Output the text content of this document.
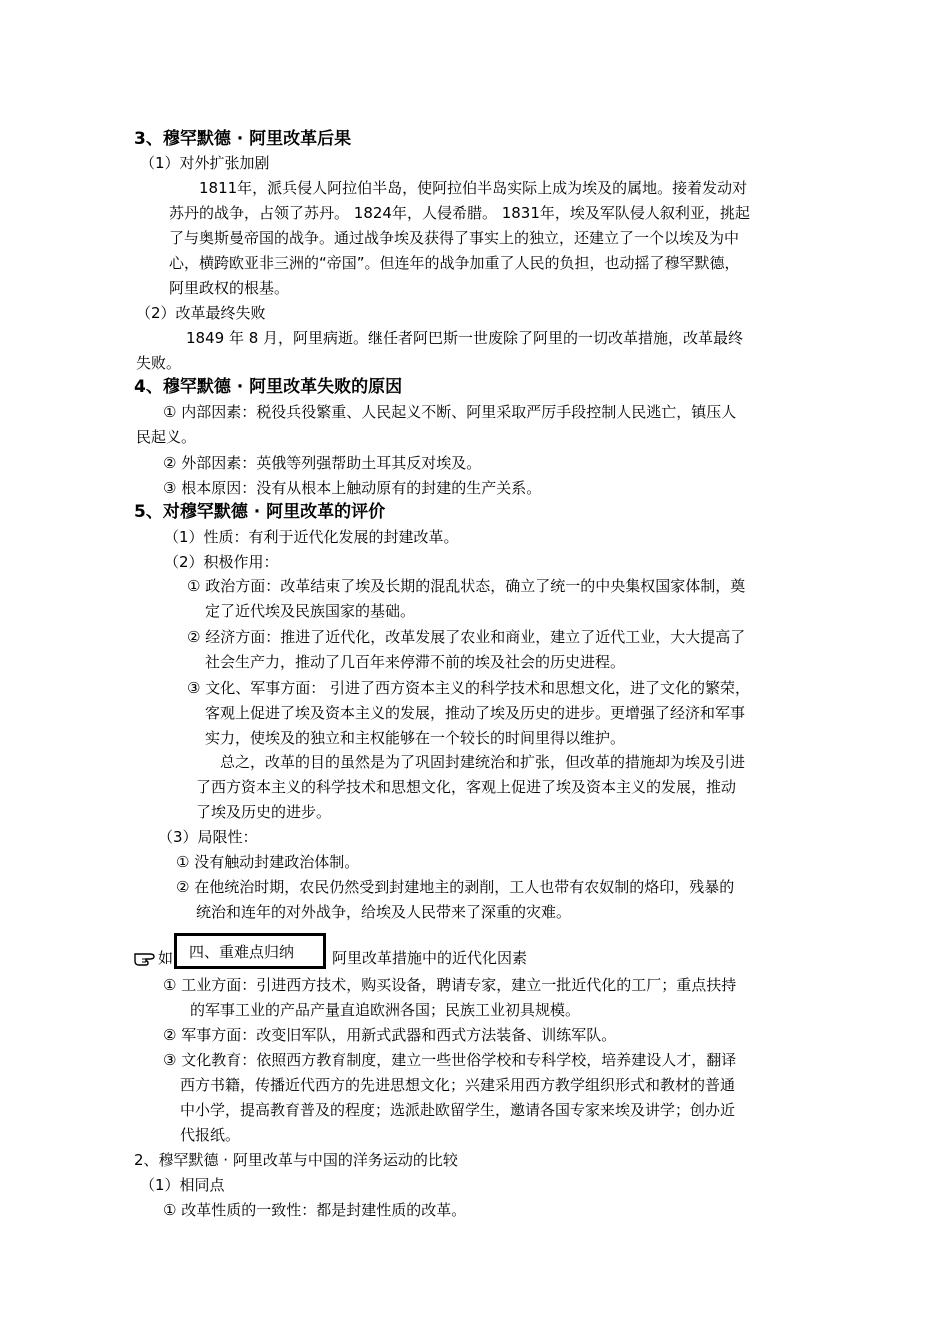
3、穆罕默德 · 阿里改革后果
（1）对外扩张加剧
1811年，派兵侵人阿拉伯半岛，使阿拉伯半岛实际上成为埃及的属地。接着发动对
苏丹的战争，占领了苏丹。 1824年，人侵希腊。 1831年，埃及军队侵人叙利亚，挑起
了与奥斯曼帝国的战争。通过战争埃及获得了事实上的独立，还建立了一个以埃及为中
心，横跨欧亚非三洲的“帝国”。但连年的战争加重了人民的负担，也动摇了穆罕默德，
阿里政权的根基。
（2）改革最终失败
1849 年 8 月，阿里病逝。继任者阿巴斯一世废除了阿里的一切改革措施，改革最终
失败。
4、穆罕默德 · 阿里改革失败的原因
① 内部因素：税役兵役繁重、人民起义不断、阿里采取严厉手段控制人民逃亡，镇压人
民起义。
② 外部因素：英俄等列强帮助土耳其反对埃及。
③ 根本原因：没有从根本上触动原有的封建的生产关系。
5、对穆罕默德 · 阿里改革的评价
（1）性质：有利于近代化发展的封建改革。
（2）积极作用：
① 政治方面：改革结束了埃及长期的混乱状态，确立了统一的中央集权国家体制，奠
定了近代埃及民族国家的基础。
② 经济方面：推进了近代化，改革发展了农业和商业，建立了近代工业，大大提高了
社会生产力，推动了几百年来停滞不前的埃及社会的历史进程。
③ 文化、军事方面： 引进了西方资本主义的科学技术和思想文化，进了文化的繁荣，
客观上促进了埃及资本主义的发展，推动了埃及历史的进步。更增强了经济和军事
实力，使埃及的独立和主权能够在一个较长的时间里得以维护。
总之，改革的目的虽然是为了巩固封建统治和扩张，但改革的措施却为埃及引进
了西方资本主义的科学技术和思想文化，客观上促进了埃及资本主义的发展，推动
了埃及历史的进步。
（3）局限性：
① 没有触动封建政治体制。
② 在他统治时期，农民仍然受到封建地主的剥削，工人也带有农奴制的烙印，残暴的
统治和连年的对外战争，给埃及人民带来了深重的灾难。
如	阿里改革措施中的近代化因素
四、重难点归纳
① 工业方面：引进西方技术，购买设备，聘请专家，建立一批近代化的工厂；重点扶持
的军事工业的产品产量直追欧洲各国；民族工业初具规模。
② 军事方面：改变旧军队，用新式武器和西式方法装备、训练军队。
③ 文化教育：依照西方教育制度，建立一些世俗学校和专科学校，培养建设人才，翻译
西方书籍，传播近代西方的先进思想文化；兴建采用西方教学组织形式和教材的普通
中小学，提高教育普及的程度；选派赴欧留学生，邀请各国专家来埃及讲学；创办近
代报纸。
2、穆罕默德 · 阿里改革与中国的洋务运动的比较
（1）相同点
① 改革性质的一致性：都是封建性质的改革。
